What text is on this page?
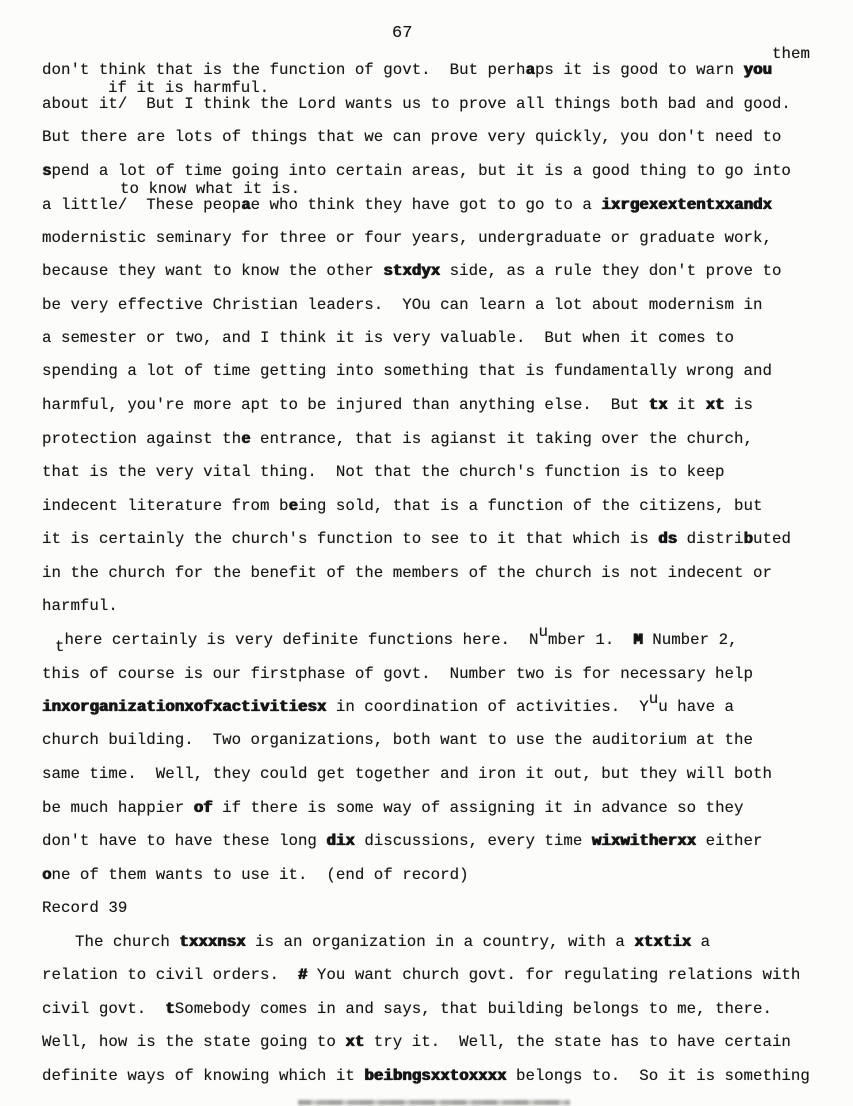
67
them
don't think that is the function of govt.  But perhaps it is good to warn you
if it is harmful.
about it/  But I think the Lord wants us to prove all things both bad and good.
But there are lots of things that we can prove very quickly, you don't need to
spend a lot of time going into certain areas, but it is a good thing to go into
to know what it is.
a little/  These peopae who think they have got to go to a ixrgexextentxxandx
modernistic seminary for three or four years, undergraduate or graduate work,
because they want to know the other stxdyx side, as a rule they don't prove to
be very effective Christian leaders.  YOu can learn a lot about modernism in
a semester or two, and I think it is very valuable.  But when it comes to
spending a lot of time getting into something that is fundamentally wrong and
harmful, you're more apt to be injured than anything else.  But tx it xt is
protection against the entrance, that is agianst it taking over the church,
that is the very vital thing.  Not that the church's function is to keep
indecent literature from being sold, that is a function of the citizens, but
it is certainly the church's function to see to it that which is ds distributed
in the church for the benefit of the members of the church is not indecent or
harmful.
there certainly is very definite functions here.  Number 1.  M Number 2,
this of course is our firstphase of govt.  Number two is for necessary help
inxorganizationxofxactivitiesx in coordination of activities.  Yuu have a
church building.  Two organizations, both want to use the auditorium at the
same time.  Well, they could get together and iron it out, but they will both
be much happier of if there is some way of assigning it in advance so they
don't have to have these long dix discussions, every time wixwitherxx either
one of them wants to use it.  (end of record)
Record 39
The church txxxnsx is an organization in a country, with a xtxtix a
relation to civil orders.  # You want church govt. for regulating relations with
civil govt.  tSomebody comes in and says, that building belongs to me, there.
Well, how is the state going to xt try it.  Well, the state has to have certain
definite ways of knowing which it beibngsxxtoxxxx belongs to.  So it is something
